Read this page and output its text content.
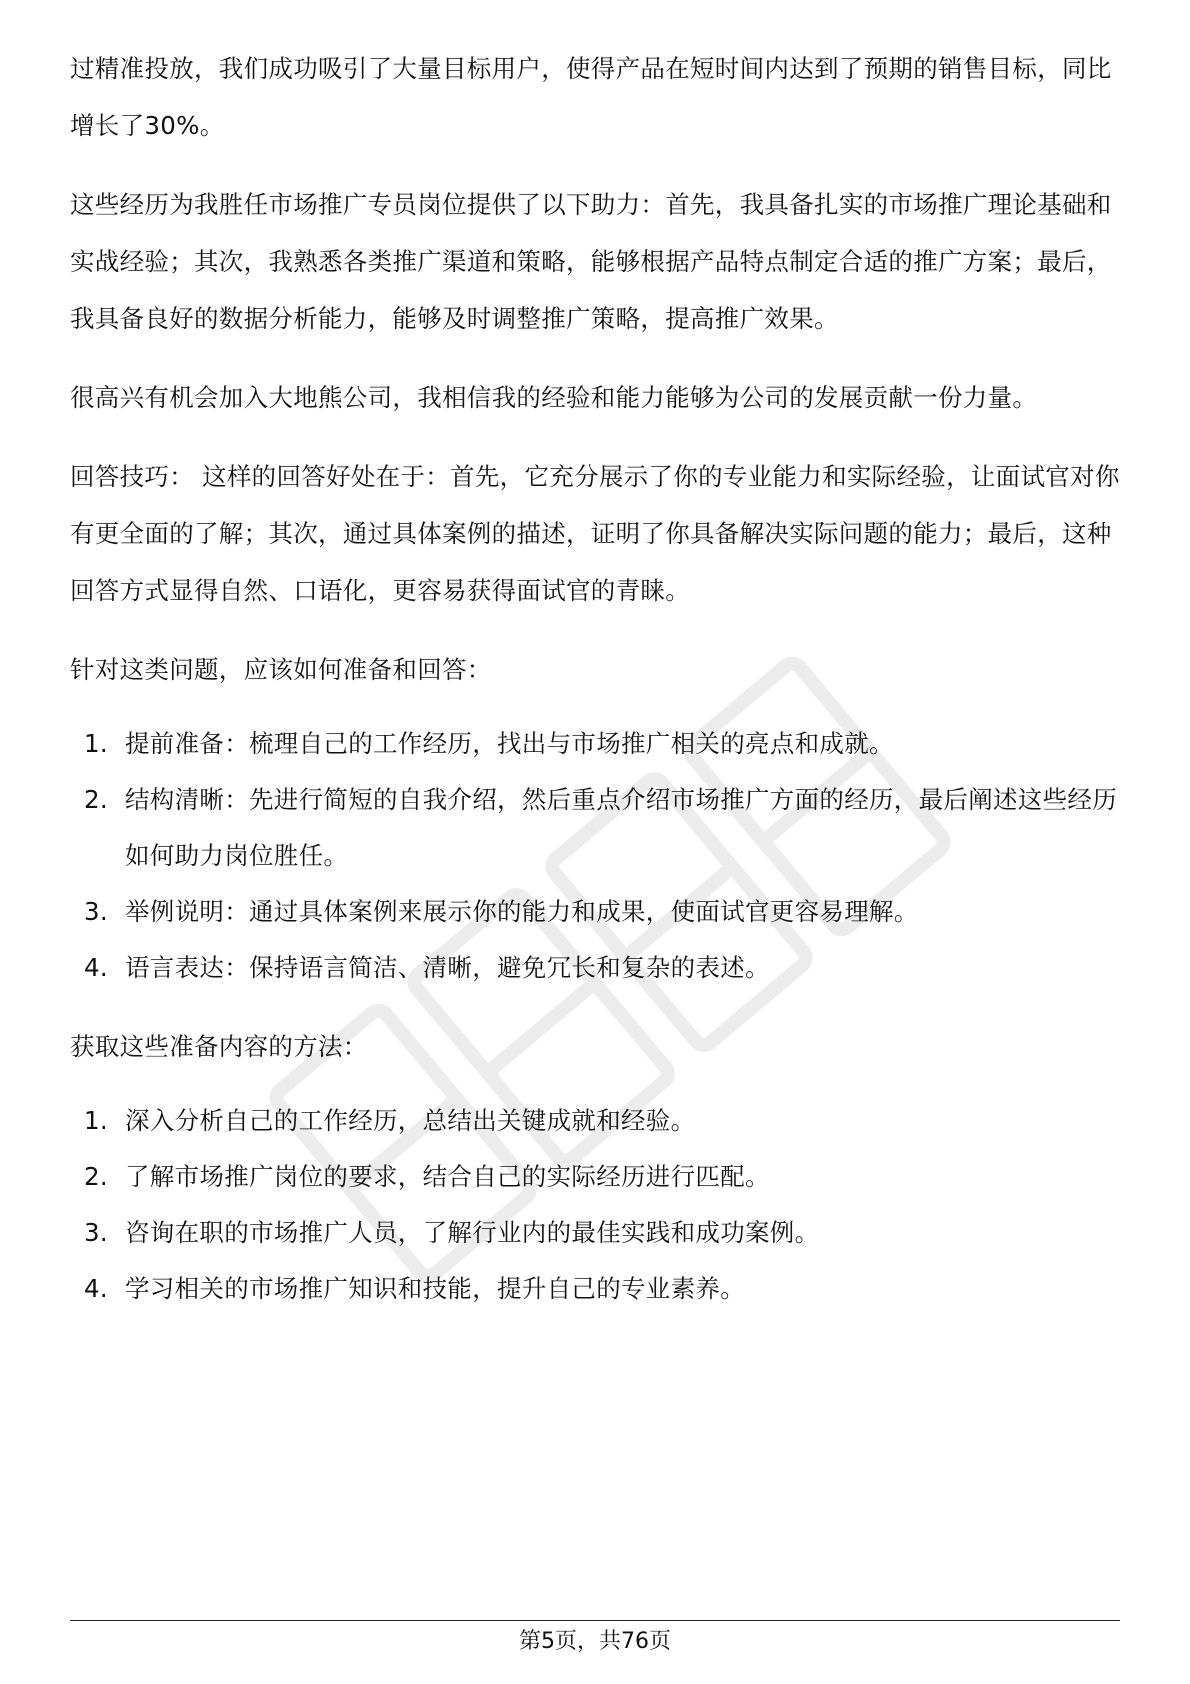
过精准投放，我们成功吸引了大量目标用户，使得产品在短时间内达到了预期的销售目标，同比增长了30%。

这些经历为我胜任市场推广专员岗位提供了以下助力：首先，我具备扎实的市场推广理论基础和实战经验；其次，我熟悉各类推广渠道和策略，能够根据产品特点制定合适的推广方案；最后，我具备良好的数据分析能力，能够及时调整推广策略，提高推广效果。

很高兴有机会加入大地熊公司，我相信我的经验和能力能够为公司的发展贡献一份力量。

回答技巧： 这样的回答好处在于：首先，它充分展示了你的专业能力和实际经验，让面试官对你有更全面的了解；其次，通过具体案例的描述，证明了你具备解决实际问题的能力；最后，这种回答方式显得自然、口语化，更容易获得面试官的青睐。

针对这类问题，应该如何准备和回答：

1. 提前准备：梳理自己的工作经历，找出与市场推广相关的亮点和成就。
2. 结构清晰：先进行简短的自我介绍，然后重点介绍市场推广方面的经历，最后阐述这些经历如何助力岗位胜任。
3. 举例说明：通过具体案例来展示你的能力和成果，使面试官更容易理解。
4. 语言表达：保持语言简洁、清晰，避免冗长和复杂的表述。

获取这些准备内容的方法：

1. 深入分析自己的工作经历，总结出关键成就和经验。
2. 了解市场推广岗位的要求，结合自己的实际经历进行匹配。
3. 咨询在职的市场推广人员，了解行业内的最佳实践和成功案例。
4. 学习相关的市场推广知识和技能，提升自己的专业素养。
第5页，共76页
